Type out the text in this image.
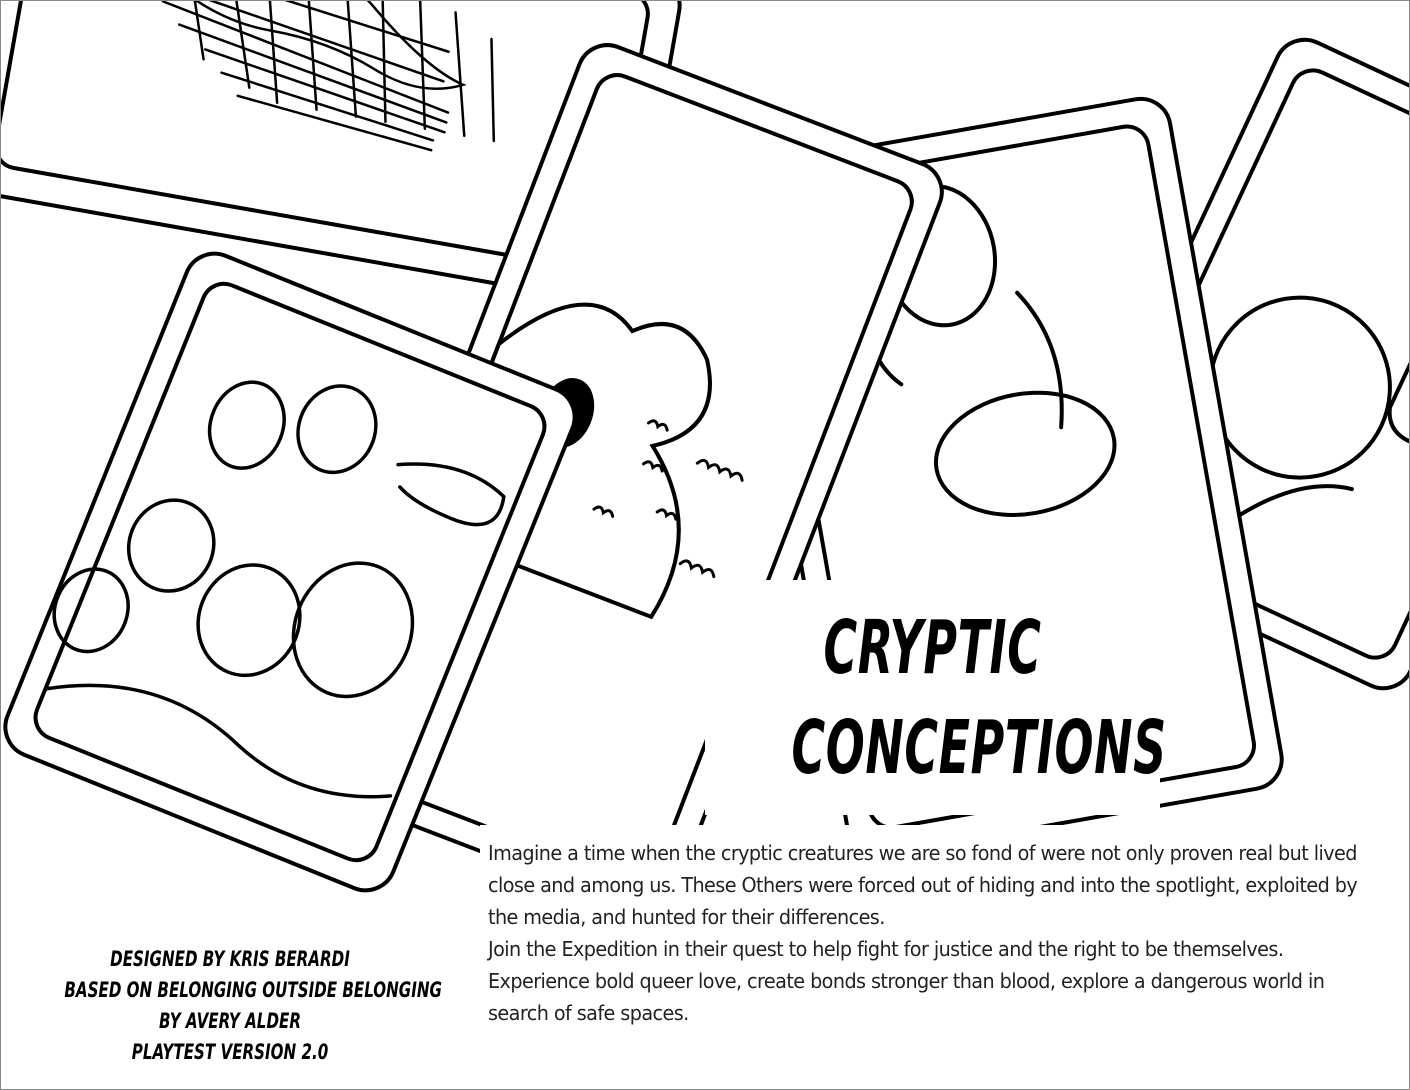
CRYPTIC
CONCEPTIONS

Imagine a time when the cryptic creatures we are so fond of were not only proven real but lived close and among us. These Others were forced out of hiding and into the spotlight, exploited by the media, and hunted for their differences.

Join the Expedition in their quest to help fight for justice and the right to be themselves. Experience bold queer love, create bonds stronger than blood, explore a dangerous world in search of safe spaces.

DESIGNED BY KRIS BERARDI
BASED ON BELONGING OUTSIDE BELONGING
BY AVERY ALDER
PLAYTEST VERSION 2.0
